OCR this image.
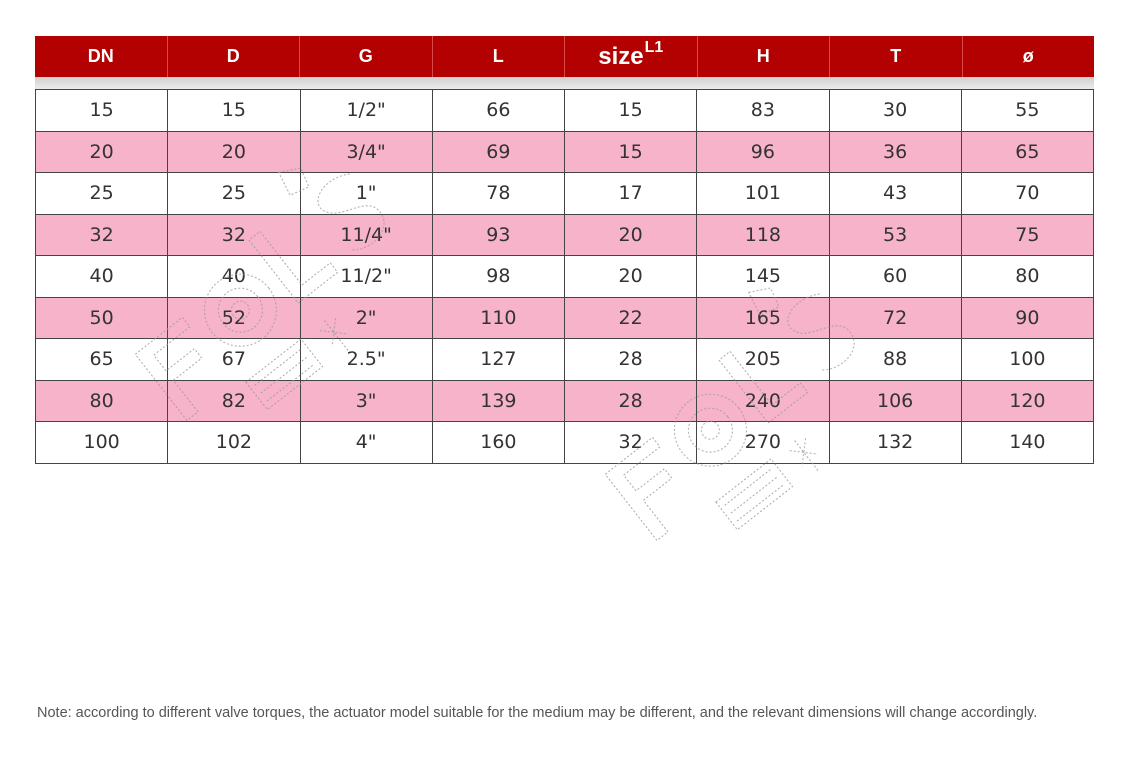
DN	D	G	L	size$^{L1}$	H	T	ø
15	15	1/2"	66	15	83	30	55
20	20	3/4"	69	15	96	36	65
25	25	1"	78	17	101	43	70
32	32	11/4"	93	20	118	53	75
40	40	11/2"	98	20	145	60	80
50	52	2"	110	22	165	72	90
65	67	2.5"	127	28	205	88	100
80	82	3"	139	28	240	106	120
100	102	4"	160	32	270	132	140
Note: according to different valve torques, the actuator model suitable for the medium may be different, and the relevant dimensions will change accordingly.
